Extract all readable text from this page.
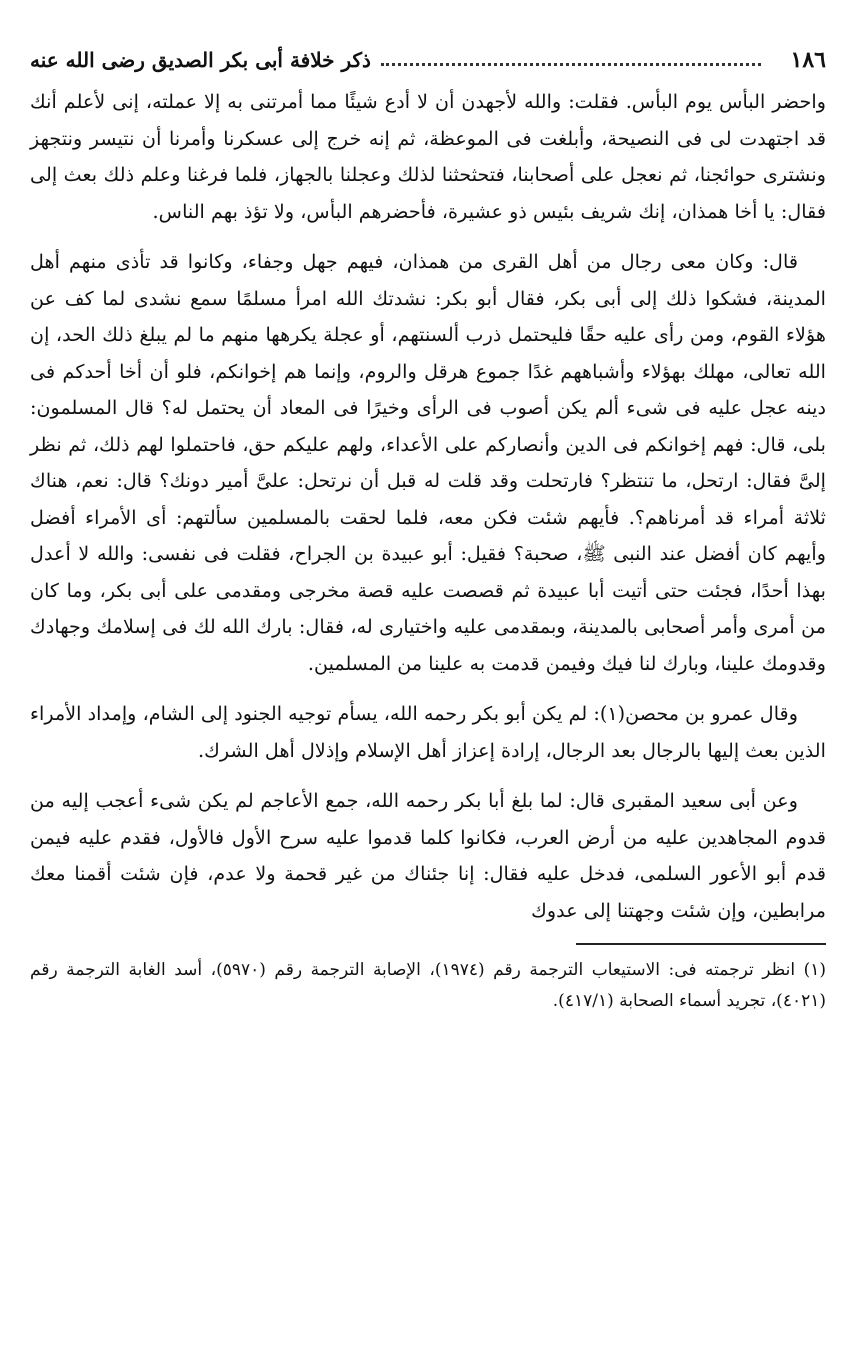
١٨٦
ذكر خلافة أبى بكر الصديق رضى الله عنه

واحضر البأس يوم البأس. فقلت: والله لأجهدن أن لا أدع شيئًا مما أمرتنى به إلا عملته، إنى لأعلم أنك قد اجتهدت لى فى النصيحة، وأبلغت فى الموعظة، ثم إنه خرج إلى عسكرنا وأمرنا أن نتيسر ونتجهز ونشترى حوائجنا، ثم نعجل على أصحابنا، فتحثحثنا لذلك وعجلنا بالجهاز، فلما فرغنا وعلم ذلك بعث إلى فقال: يا أخا همذان، إنك شريف بئيس ذو عشيرة، فأحضرهم البأس، ولا تؤذ بهم الناس.

قال: وكان معى رجال من أهل القرى من همذان، فيهم جهل وجفاء، وكانوا قد تأذى منهم أهل المدينة، فشكوا ذلك إلى أبى بكر، فقال أبو بكر: نشدتك الله امرأ مسلمًا سمع نشدى لما كف عن هؤلاء القوم، ومن رأى عليه حقًا فليحتمل ذرب ألسنتهم، أو عجلة يكرهها منهم ما لم يبلغ ذلك الحد، إن الله تعالى، مهلك بهؤلاء وأشباههم غدًا جموع هرقل والروم، وإنما هم إخوانكم، فلو أن أخا أحدكم فى دينه عجل عليه فى شىء ألم يكن أصوب فى الرأى وخيرًا فى المعاد أن يحتمل له؟ قال المسلمون: بلى، قال: فهم إخوانكم فى الدين وأنصاركم على الأعداء، ولهم عليكم حق، فاحتملوا لهم ذلك، ثم نظر إلىَّ فقال: ارتحل، ما تنتظر؟ فارتحلت وقد قلت له قبل أن نرتحل: علىَّ أمير دونك؟ قال: نعم، هناك ثلاثة أمراء قد أمرناهم؟. فأيهم شئت فكن معه، فلما لحقت بالمسلمين سألتهم: أى الأمراء أفضل وأيهم كان أفضل عند النبى ﷺ، صحبة؟ فقيل: أبو عبيدة بن الجراح، فقلت فى نفسى: والله لا أعدل بهذا أحدًا، فجئت حتى أتيت أبا عبيدة ثم قصصت عليه قصة مخرجى ومقدمى على أبى بكر، وما كان من أمرى وأمر أصحابى بالمدينة، وبمقدمى عليه واختيارى له، فقال: بارك الله لك فى إسلامك وجهادك وقدومك علينا، وبارك لنا فيك وفيمن قدمت به علينا من المسلمين.

وقال عمرو بن محصن(١): لم يكن أبو بكر رحمه الله، يسأم توجيه الجنود إلى الشام، وإمداد الأمراء الذين بعث إليها بالرجال بعد الرجال، إرادة إعزاز أهل الإسلام وإذلال أهل الشرك.

وعن أبى سعيد المقبرى قال: لما بلغ أبا بكر رحمه الله، جمع الأعاجم لم يكن شىء أعجب إليه من قدوم المجاهدين عليه من أرض العرب، فكانوا كلما قدموا عليه سرح الأول فالأول، فقدم عليه فيمن قدم أبو الأعور السلمى، فدخل عليه فقال: إنا جئناك من غير قحمة ولا عدم، فإن شئت أقمنا معك مرابطين، وإن شئت وجهتنا إلى عدوك

(١) انظر ترجمته فى: الاستيعاب الترجمة رقم (١٩٧٤)، الإصابة الترجمة رقم (٥٩٧٠)، أسد الغابة الترجمة رقم (٤٠٢١)، تجريد أسماء الصحابة (٤١٧/١).
